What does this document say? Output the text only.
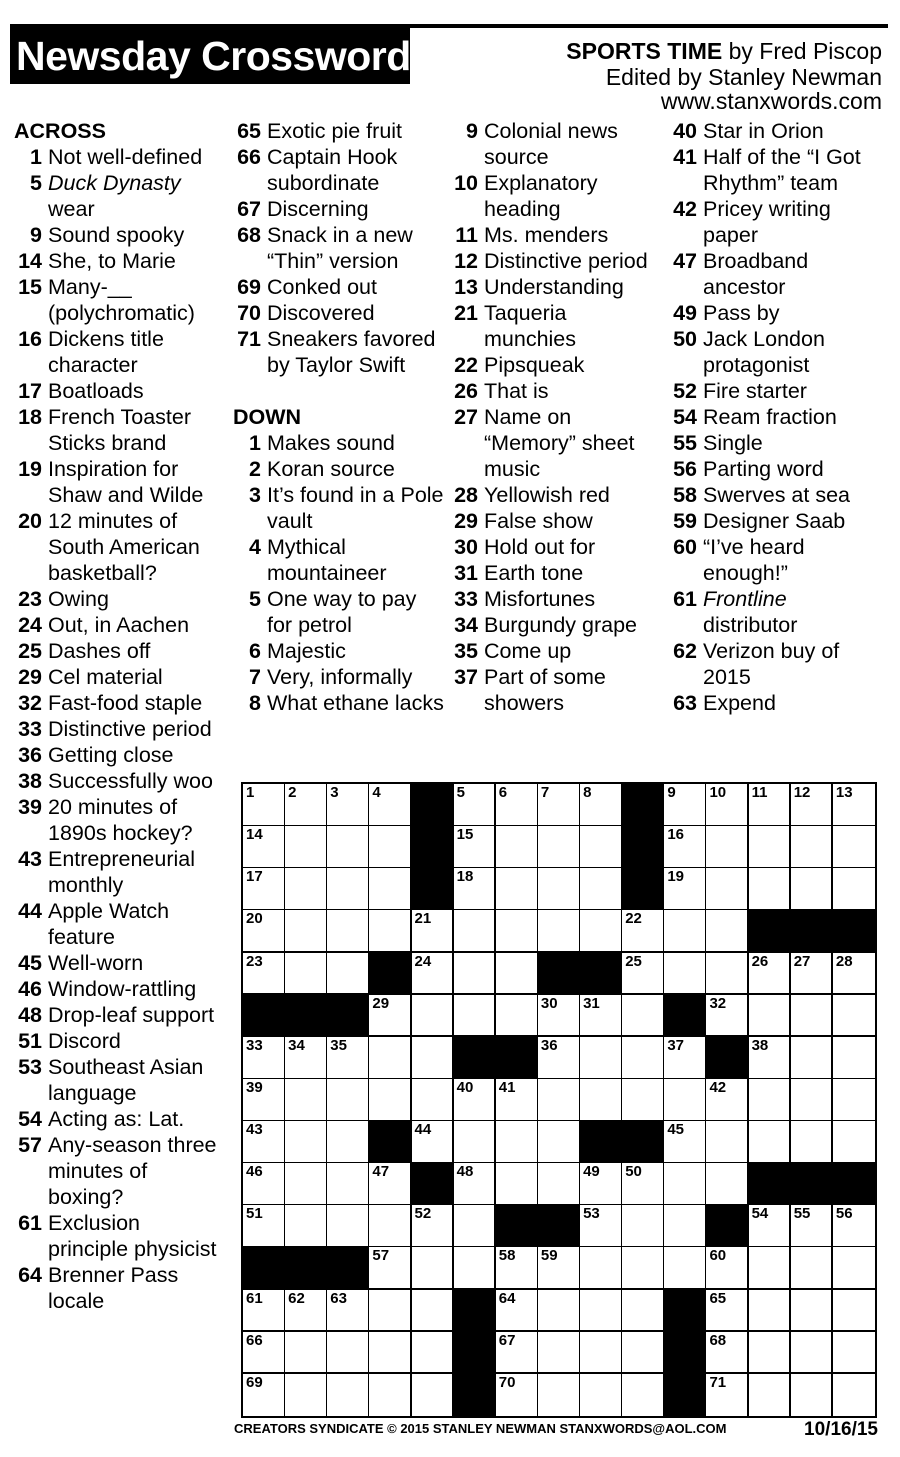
Newsday Crossword	SPORTS TIME by Fred Piscop
Edited by Stanley Newman
www.stanxwords.com
ACROSS
1 Not well-defined
5 Duck Dynasty wear
9 Sound spooky
14 She, to Marie
15 Many-__ (polychromatic)
16 Dickens title character
17 Boatloads
18 French Toaster Sticks brand
19 Inspiration for Shaw and Wilde
20 12 minutes of South American basketball?
23 Owing
24 Out, in Aachen
25 Dashes off
29 Cel material
32 Fast-food staple
33 Distinctive period
36 Getting close
38 Successfully woo
39 20 minutes of 1890s hockey?
43 Entrepreneurial monthly
44 Apple Watch feature
45 Well-worn
46 Window-rattling
48 Drop-leaf support
51 Discord
53 Southeast Asian language
54 Acting as: Lat.
57 Any-season three minutes of boxing?
61 Exclusion principle physicist
64 Brenner Pass locale
65 Exotic pie fruit
66 Captain Hook subordinate
67 Discerning
68 Snack in a new “Thin” version
69 Conked out
70 Discovered
71 Sneakers favored by Taylor Swift
DOWN
1 Makes sound
2 Koran source
3 It’s found in a Pole vault
4 Mythical mountaineer
5 One way to pay for petrol
6 Majestic
7 Very, informally
8 What ethane lacks
9 Colonial news source
10 Explanatory heading
11 Ms. menders
12 Distinctive period
13 Understanding
21 Taqueria munchies
22 Pipsqueak
26 That is
27 Name on “Memory” sheet music
28 Yellowish red
29 False show
30 Hold out for
31 Earth tone
33 Misfortunes
34 Burgundy grape
35 Come up
37 Part of some showers
40 Star in Orion
41 Half of the “I Got Rhythm” team
42 Pricey writing paper
47 Broadband ancestor
49 Pass by
50 Jack London protagonist
52 Fire starter
54 Ream fraction
55 Single
56 Parting word
58 Swerves at sea
59 Designer Saab
60 “I’ve heard enough!”
61 Frontline distributor
62 Verizon buy of 2015
63 Expend
1 2 3 4	5 6 7 8	9 10 11 12 13
14	15	16
17	18	19
20	21	22
23	24	25	26 27 28
29	30 31	32
33 34 35	36	37	38
39	40 41	42
43	44	45
46	47	48	49 50
51	52	53	54 55 56
57	58 59	60
61 62 63	64	65
66	67	68
69	70	71
CREATORS SYNDICATE © 2015 STANLEY NEWMAN STANXWORDS@AOL.COM	10/16/15
